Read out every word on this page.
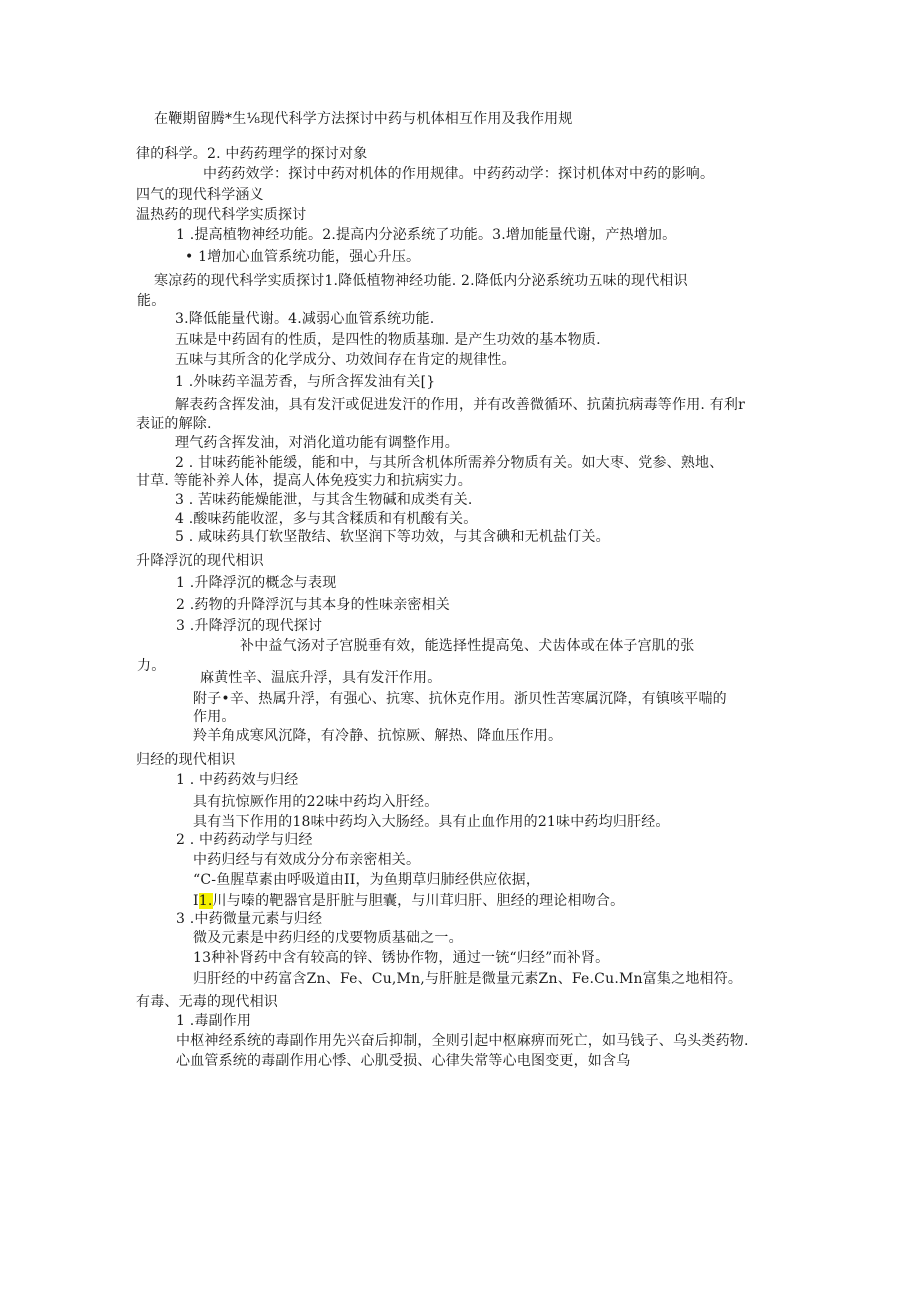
在鞭期留腾*生⅛现代科学方法探讨中药与机体相互作用及我作用规
律的科学。2. 中药药理学的探讨对象
中药药效学：探讨中药对机体的作用规律。中药药动学：探讨机体对中药的影响。
四气的现代科学涵义
温热药的现代科学实质探讨
1 .提高植物神经功能。2.提高内分泌系统了功能。3.增加能量代谢，产热增加。
• 1增加心血管系统功能，强心升压。
寒凉药的现代科学实质探讨1.降低植物神经功能. 2.降低内分泌系统功五味的现代相识
能。
3.降低能量代谢。4.减弱心血管系统功能.
五味是中药固有的性质，是四性的物质基珈. 是产生功效的基本物质.
五味与其所含的化学成分、功效间存在肯定的规律性。
1 .外味药辛温芳香，与所含挥发油有关[}
解表药含挥发油，具有发汗或促进发汗的作用，并有改善微循环、抗菌抗病毒等作用. 有利r
表证的解除.
理气药含挥发油，对消化道功能有调整作用。
2 . 甘味药能补能缓，能和中，与其所含机体所需养分物质有关。如大枣、党参、熟地、
甘草. 等能补养人体，提高人体免疫实力和抗病实力。
3 . 苦味药能燥能泄，与其含生物碱和成类有关.
4 .酸味药能收涩，多与其含糅质和有机酸有关。
5 . 咸味药具仃软坚散结、软坚润下等功效，与其含碘和无机盐仃关。
升降浮沉的现代相识
1 .升降浮沉的概念与表现
2 .药物的升降浮沉与其本身的性味亲密相关
3 .升降浮沉的现代探讨
补中益气汤对子宫脱垂有效，能选择性提高兔、犬齿体或在体子宫肌的张
力。
麻黄性辛、温底升浮，具有发汗作用。
附子•辛、热属升浮，有强心、抗寒、抗休克作用。浙贝性苦寒属沉降，有镇咳平喘的
作用。
羚羊角成寒风沉降，有冷静、抗惊厥、解热、降血压作用。
归经的现代相识
1 . 中药药效与归经
具有抗惊厥作用的22味中药均入肝经。
具有当下作用的18味中药均入大肠经。具有止血作用的21味中药均归肝经。
2 . 中药药动学与归经
中药归经与有效成分分布亲密相关。
“C-鱼腥草素由呼吸道由II，为鱼期草归肺经供应依据，
I1.川与嗪的靶器官是肝脏与胆囊，与川茸归肝、胆经的理论相吻合。
3 .中药微量元素与归经
微及元素是中药归经的戊要物质基础之一。
13种补肾药中含有较高的锌、锈协作物，通过一铳“归经”而补肾。
归肝经的中药富含Zn、Fe、Cu,Mn,与肝脏是微量元素Zn、Fe.Cu.Mn富集之地相符。
有毒、无毒的现代相识
1 .毒副作用
中枢神经系统的毒副作用先兴奋后抑制，全则引起中枢麻痹而死亡，如马钱子、乌头类药物.
心血管系统的毒副作用心悸、心肌受损、心律失常等心电图变更，如含乌
